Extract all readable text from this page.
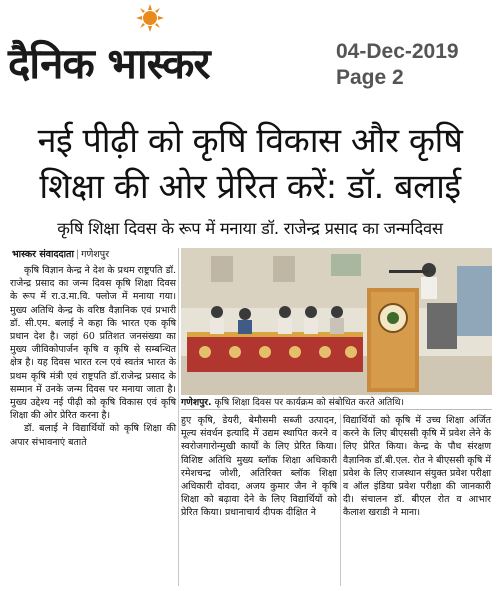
दैनिक भास्कर	04-Dec-2019
Page 2
नई पीढ़ी को कृषि विकास और कृषि शिक्षा की ओर प्रेरित करें: डॉ. बलाई
कृषि शिक्षा दिवस के रूप में मनाया डॉ. राजेन्द्र प्रसाद का जन्मदिवस
भास्कर संवाददाता | गणेशपुर

कृषि विज्ञान केन्द्र ने देश के प्रथम राष्ट्रपति डॉ. राजेन्द्र प्रसाद का जन्म दिवस कृषि शिक्षा दिवस के रूप में रा.उ.मा.वि. फ्लोज में मनाया गया। मुख्य अतिथि केन्द्र के वरिष्ठ वैज्ञानिक एवं प्रभारी डॉ. सी.एम. बलाई ने कहा कि भारत एक कृषि प्रधान देश है। जहां 60 प्रतिशत जनसंख्या का मुख्य जीविकोपार्जन कृषि व कृषि से सम्बन्धित क्षेत्र है। यह दिवस भारत रत्न एवं स्वतंत्र भारत के प्रथम कृषि मंत्री एवं राष्ट्रपति डॉ.राजेन्द्र प्रसाद के सम्मान में उनके जन्म दिवस पर मनाया जाता है। मुख्य उद्देश्य नई पीढ़ी को कृषि विकास एवं कृषि शिक्षा की ओर प्रेरित करना है।

डॉ. बलाई ने विद्यार्थियों को कृषि शिक्षा की अपार संभावनाएं बताते

गणेशपुर. कृषि शिक्षा दिवस पर कार्यक्रम को संबोधित करते अतिथि।

हुए कृषि, डेयरी, बेमौसमी सब्जी उत्पादन, मूल्य संवर्धन इत्यादि में उद्यम स्थापित करने व स्वरोजगारोन्मुखी कार्यों के लिए प्रेरित किया। विशिष्ट अतिथि मुख्य ब्लॉक शिक्षा अधिकारी रमेशचन्द्र जोशी, अतिरिक्त ब्लॉक शिक्षा अधिकारी दोवदा, अजय कुमार जैन ने कृषि शिक्षा को बढ़ावा देने के लिए विद्यार्थियों को प्रेरित किया। प्रधानाचार्य दीपक दीक्षित ने

विद्यार्थियों को कृषि में उच्च शिक्षा अर्जित करने के लिए बीएससी कृषि में प्रवेश लेने के लिए प्रेरित किया। केन्द्र के पौध संरक्षण वैज्ञानिक डॉ.बी.एल. रोत ने बीएससी कृषि में प्रवेश के लिए राजस्थान संयुक्त प्रवेश परीक्षा व ऑल इंडिया प्रवेश परीक्षा की जानकारी दी। संचालन डॉ. बीएल रोत व आभार कैलाश खराडी ने माना।
